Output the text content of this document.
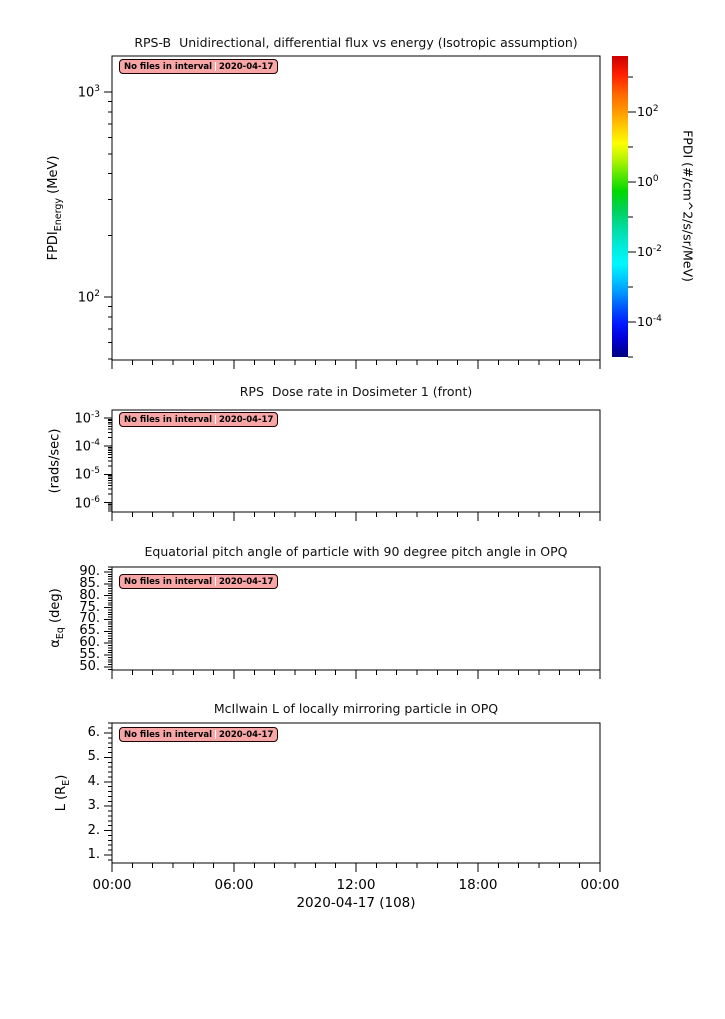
RPS-B  Unidirectional, differential flux vs energy (Isotropic assumption)
RPS  Dose rate in Dosimeter 1 (front)
Equatorial pitch angle of particle with 90 degree pitch angle in OPQ
McIlwain L of locally mirroring particle in OPQ
$FPDI_{Energy}$ (MeV)
(rads/sec)
$\alpha_{Eq}$ (deg)
L $(R_E)$
No files in interval 2020-04-17
No files in interval 2020-04-17
No files in interval 2020-04-17
No files in interval 2020-04-17
00:00	06:00	12:00	18:00	00:00
2020-04-17 (108)
FPDI (#/cm^2/s/sr/MeV)
$10^3$
$10^2$
$10^{-3}$
$10^{-4}$
$10^{-5}$
$10^{-6}$
90.
85.
80.
75.
70.
65.
60.
55.
50.
6.
5.
4.
3.
2.
1.
$10^2$
$10^0$
$10^{-2}$
$10^{-4}$
